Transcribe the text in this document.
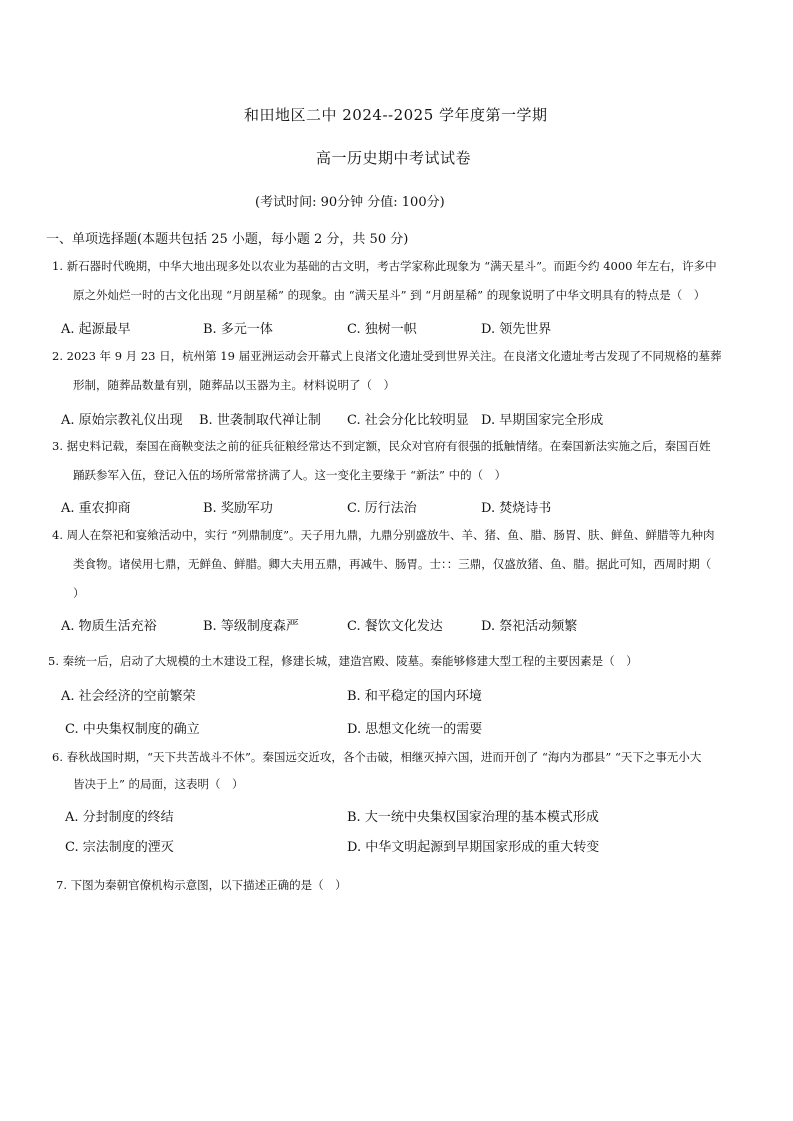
和田地区二中 2024--2025 学年度第一学期
高一历史期中考试试卷
(考试时间: 90分钟 分值: 100分)
一、单项选择题(本题共包括 25 小题，每小题 2 分，共 50 分)
1. 新石器时代晚期，中华大地出现多处以农业为基础的古文明，考古学家称此现象为 “满天星斗”。而距今约 4000 年左右，许多中
原之外灿烂一时的古文化出现 “月朗星稀” 的现象。由 “满天星斗” 到 “月朗星稀” 的现象说明了中华文明具有的特点是（　）
A. 起源最早	B. 多元一体	C. 独树一帜	D. 领先世界
2. 2023 年 9 月 23 日，杭州第 19 届亚洲运动会开幕式上良渚文化遗址受到世界关注。在良渚文化遗址考古发现了不同规格的墓葬
形制，随葬品数量有别，随葬品以玉器为主。材料说明了（　）
A. 原始宗教礼仪出现 B. 世袭制取代禅让制 C. 社会分化比较明显 D. 早期国家完全形成
3. 据史料记载，秦国在商鞅变法之前的征兵征粮经常达不到定额，民众对官府有很强的抵触情绪。在秦国新法实施之后，秦国百姓
踊跃参军入伍，登记入伍的场所常常挤满了人。这一变化主要缘于 “新法” 中的（　）
A. 重农抑商	B. 奖励军功	C. 厉行法治	D. 焚烧诗书
4. 周人在祭祀和宴飨活动中，实行 “列鼎制度”。天子用九鼎，九鼎分别盛放牛、羊、猪、鱼、腊、肠胃、肤、鲜鱼、鲜腊等九种肉
类食物。诸侯用七鼎，无鲜鱼、鲜腊。卿大夫用五鼎，再减牛、肠胃。士：：三鼎，仅盛放猪、鱼、腊。据此可知，西周时期（
）
A. 物质生活充裕	B. 等级制度森严	C. 餐饮文化发达	D. 祭祀活动频繁
5. 秦统一后，启动了大规模的土木建设工程，修建长城，建造宫殿、陵墓。秦能够修建大型工程的主要因素是（　）
A. 社会经济的空前繁荣	B. 和平稳定的国内环境
C. 中央集权制度的确立	D. 思想文化统一的需要
6. 春秋战国时期，“天下共苦战斗不休”。秦国远交近攻，各个击破，相继灭掉六国，进而开创了 “海内为郡县” “天下之事无小大
皆决于上” 的局面，这表明（　）
A. 分封制度的终结	B. 大一统中央集权国家治理的基本模式形成
C. 宗法制度的湮灭	D. 中华文明起源到早期国家形成的重大转变
7. 下图为秦朝官僚机构示意图，以下描述正确的是（　）
